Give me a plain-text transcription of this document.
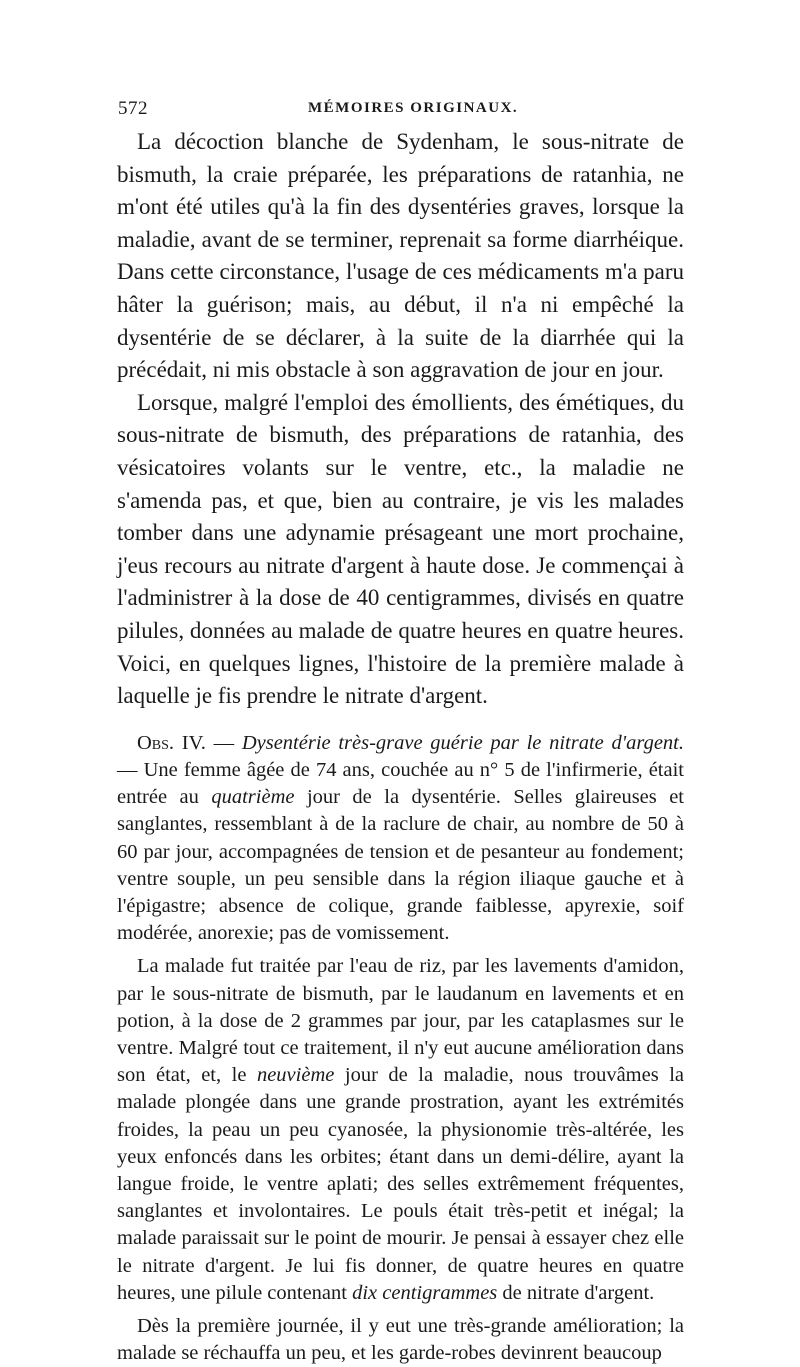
572	MÉMOIRES ORIGINAUX.

La décoction blanche de Sydenham, le sous-nitrate de bismuth, la craie préparée, les préparations de ratanhia, ne m'ont été utiles qu'à la fin des dysentéries graves, lorsque la maladie, avant de se terminer, reprenait sa forme diarrhéique. Dans cette circonstance, l'usage de ces médicaments m'a paru hâter la guérison; mais, au début, il n'a ni empêché la dysentérie de se déclarer, à la suite de la diarrhée qui la précédait, ni mis obstacle à son aggravation de jour en jour.

Lorsque, malgré l'emploi des émollients, des émétiques, du sous-nitrate de bismuth, des préparations de ratanhia, des vésicatoires volants sur le ventre, etc., la maladie ne s'amenda pas, et que, bien au contraire, je vis les malades tomber dans une adynamie présageant une mort prochaine, j'eus recours au nitrate d'argent à haute dose. Je commençai à l'administrer à la dose de 40 centigrammes, divisés en quatre pilules, données au malade de quatre heures en quatre heures. Voici, en quelques lignes, l'histoire de la première malade à laquelle je fis prendre le nitrate d'argent.

Obs. IV. — Dysentérie très-grave guérie par le nitrate d'argent. — Une femme âgée de 74 ans, couchée au n° 5 de l'infirmerie, était entrée au quatrième jour de la dysentérie. Selles glaireuses et sanglantes, ressemblant à de la raclure de chair, au nombre de 50 à 60 par jour, accompagnées de tension et de pesanteur au fondement; ventre souple, un peu sensible dans la région iliaque gauche et à l'épigastre; absence de colique, grande faiblesse, apyrexie, soif modérée, anorexie; pas de vomissement.

La malade fut traitée par l'eau de riz, par les lavements d'amidon, par le sous-nitrate de bismuth, par le laudanum en lavements et en potion, à la dose de 2 grammes par jour, par les cataplasmes sur le ventre. Malgré tout ce traitement, il n'y eut aucune amélioration dans son état, et, le neuvième jour de la maladie, nous trouvâmes la malade plongée dans une grande prostration, ayant les extrémités froides, la peau un peu cyanosée, la physionomie très-altérée, les yeux enfoncés dans les orbites; étant dans un demi-délire, ayant la langue froide, le ventre aplati; des selles extrêmement fréquentes, sanglantes et involontaires. Le pouls était très-petit et inégal; la malade paraissait sur le point de mourir. Je pensai à essayer chez elle le nitrate d'argent. Je lui fis donner, de quatre heures en quatre heures, une pilule contenant dix centigrammes de nitrate d'argent.

Dès la première journée, il y eut une très-grande amélioration; la malade se réchauffa un peu, et les garde-robes devinrent beaucoup
